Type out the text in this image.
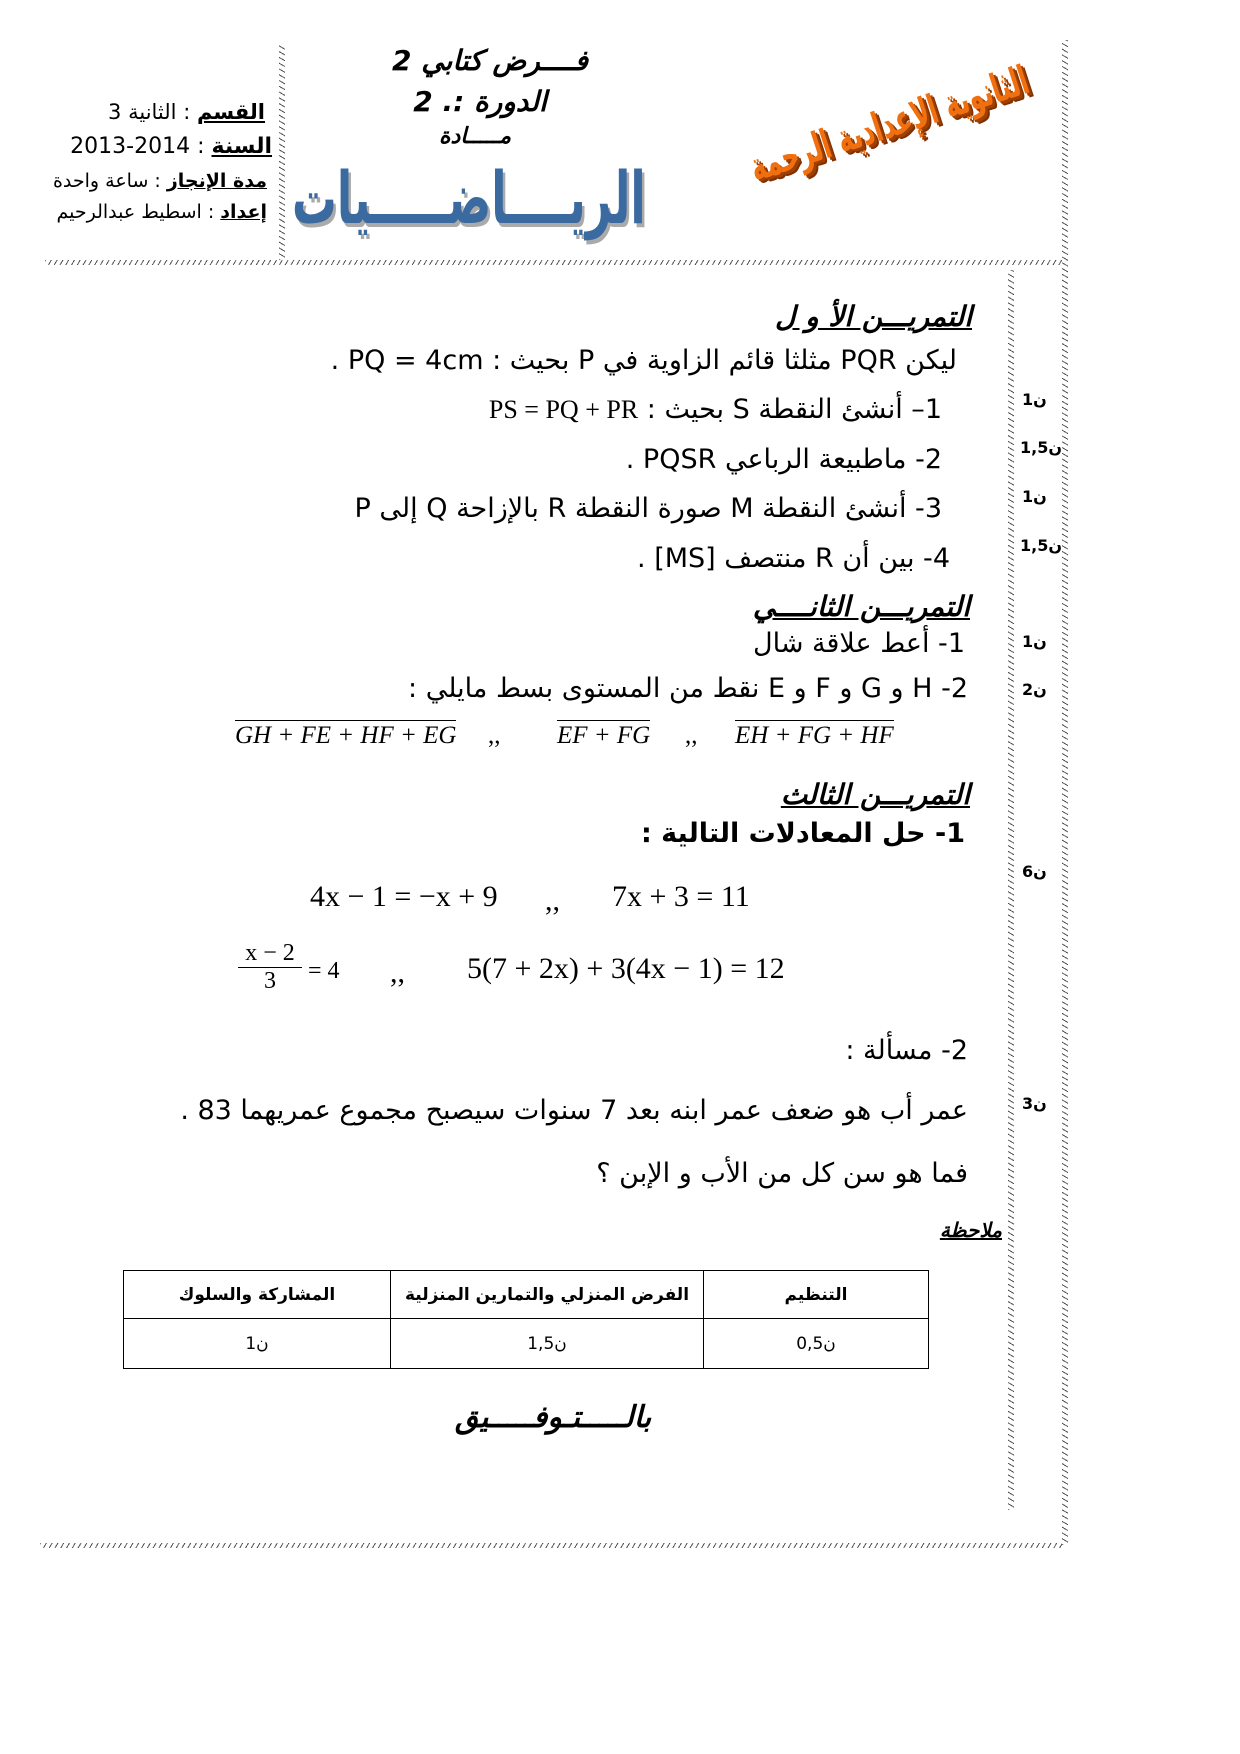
القسم : الثانية 3
السنة : 2014-2013
مدة الإنجاز : ساعة واحدة
إعداد : اسطيط عبدالرحيم
فــــرض كتابي 2
الدورة :. 2
مـــــادة
الريــــاضـــــيات
الثانوية الإعدادية الرحمة
التمريـــن الأ و ل
ليكن PQR مثلثا قائم الزاوية في P بحيث : PQ = 4cm .
1– أنشئ النقطة S بحيث : PS = PQ + PR
2- ماطبيعة الرباعي PQSR .
3- أنشئ النقطة M صورة النقطة R بالإزاحة Q إلى P
4- بين أن R منتصف [MS] .
ن1
ن1,5
ن1
ن1,5
التمريـــن الثانــــي
1- أعط علاقة شال
2- H و G و F و E نقط من المستوى بسط مايلي :
EH + FG + HF
,,
EF + FG
,,
GH + FE + HF + EG
ن1
ن2
التمريـــن الثالث
1- حل المعادلات التالية :
7x + 3 = 11
,,
4x − 1 = −x + 9
5(7 + 2x) + 3(4x − 1) = 12
,,
x − 2
3	= 4
2- مسألة :
عمر أب هو ضعف عمر ابنه بعد 7 سنوات سيصبح مجموع عمريهما 83 .
فما هو سن كل من الأب و الإبن ؟
ن6
ن3
ملاحظة
التنظيم	الفرض المنزلي والتمارين المنزلية	المشاركة والسلوك
ن0,5	ن1,5	ن1
بالـــــتـوفـــــيق
